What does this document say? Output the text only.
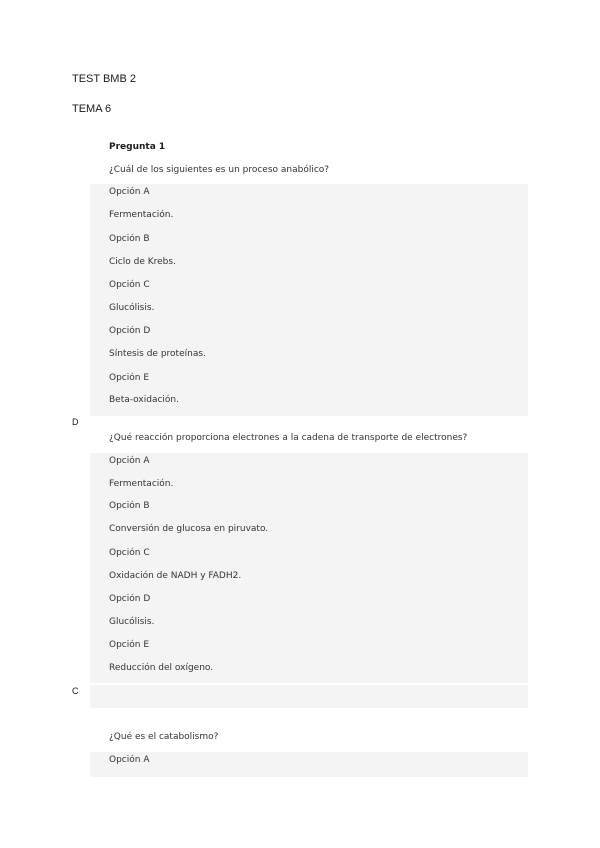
TEST BMB 2
TEMA 6
Pregunta 1
¿Cuál de los siguientes es un proceso anabólico?
Opción A
Fermentación.
Opción B
Ciclo de Krebs.
Opción C
Glucólisis.
Opción D
Síntesis de proteínas.
Opción E
Beta-oxidación.
D
¿Qué reacción proporciona electrones a la cadena de transporte de electrones?
Opción A
Fermentación.
Opción B
Conversión de glucosa en piruvato.
Opción C
Oxidación de NADH y FADH2.
Opción D
Glucólisis.
Opción E
Reducción del oxígeno.
C
¿Qué es el catabolismo?
Opción A
